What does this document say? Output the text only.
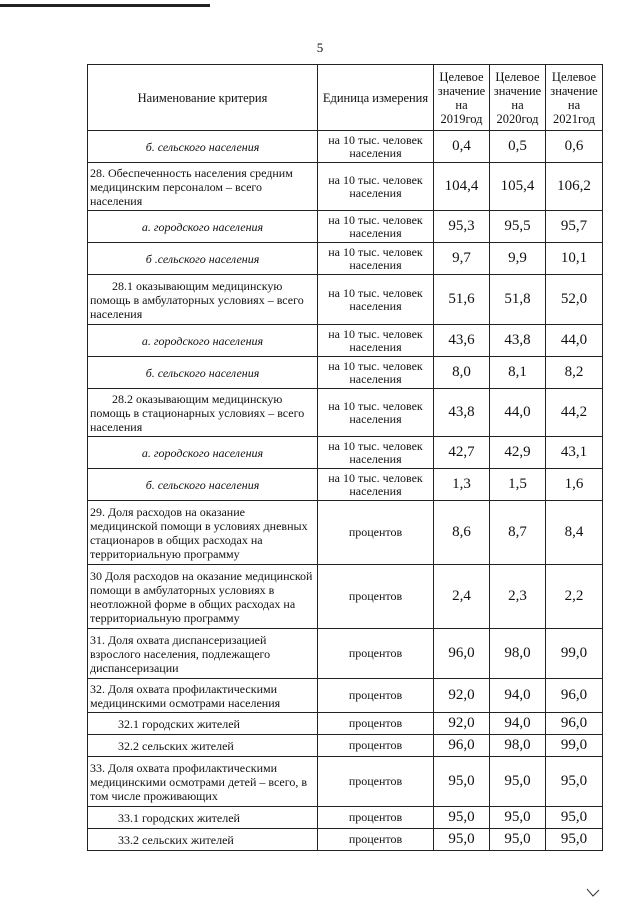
5
Наименование критерия	Единица измерения	Целевое значение на 2019год	Целевое значение на 2020год	Целевое значение на 2021год
б. сельского населения	на 10 тыс. человек населения	0,4	0,5	0,6
28. Обеспеченность населения средним медицинским персоналом – всего населения	на 10 тыс. человек населения	104,4	105,4	106,2
а. городского населения	на 10 тыс. человек населения	95,3	95,5	95,7
б .сельского населения	на 10 тыс. человек населения	9,7	9,9	10,1
28.1 оказывающим медицинскую помощь в амбулаторных условиях – всего населения	на 10 тыс. человек населения	51,6	51,8	52,0
а. городского населения	на 10 тыс. человек населения	43,6	43,8	44,0
б. сельского населения	на 10 тыс. человек населения	8,0	8,1	8,2
28.2 оказывающим медицинскую помощь в стационарных условиях – всего населения	на 10 тыс. человек населения	43,8	44,0	44,2
а. городского населения	на 10 тыс. человек населения	42,7	42,9	43,1
б. сельского населения	на 10 тыс. человек населения	1,3	1,5	1,6
29. Доля расходов на оказание медицинской помощи в условиях дневных стационаров в общих расходах на территориальную программу	процентов	8,6	8,7	8,4
30 Доля расходов на оказание медицинской помощи в амбулаторных условиях в неотложной форме в общих расходах на территориальную программу	процентов	2,4	2,3	2,2
31. Доля охвата диспансеризацией взрослого населения, подлежащего диспансеризации	процентов	96,0	98,0	99,0
32. Доля охвата профилактическими медицинскими осмотрами населения	процентов	92,0	94,0	96,0
32.1 городских жителей	процентов	92,0	94,0	96,0
32.2 сельских жителей	процентов	96,0	98,0	99,0
33. Доля охвата профилактическими медицинскими осмотрами детей – всего, в том числе проживающих	процентов	95,0	95,0	95,0
33.1 городских жителей	процентов	95,0	95,0	95,0
33.2 сельских жителей	процентов	95,0	95,0	95,0
